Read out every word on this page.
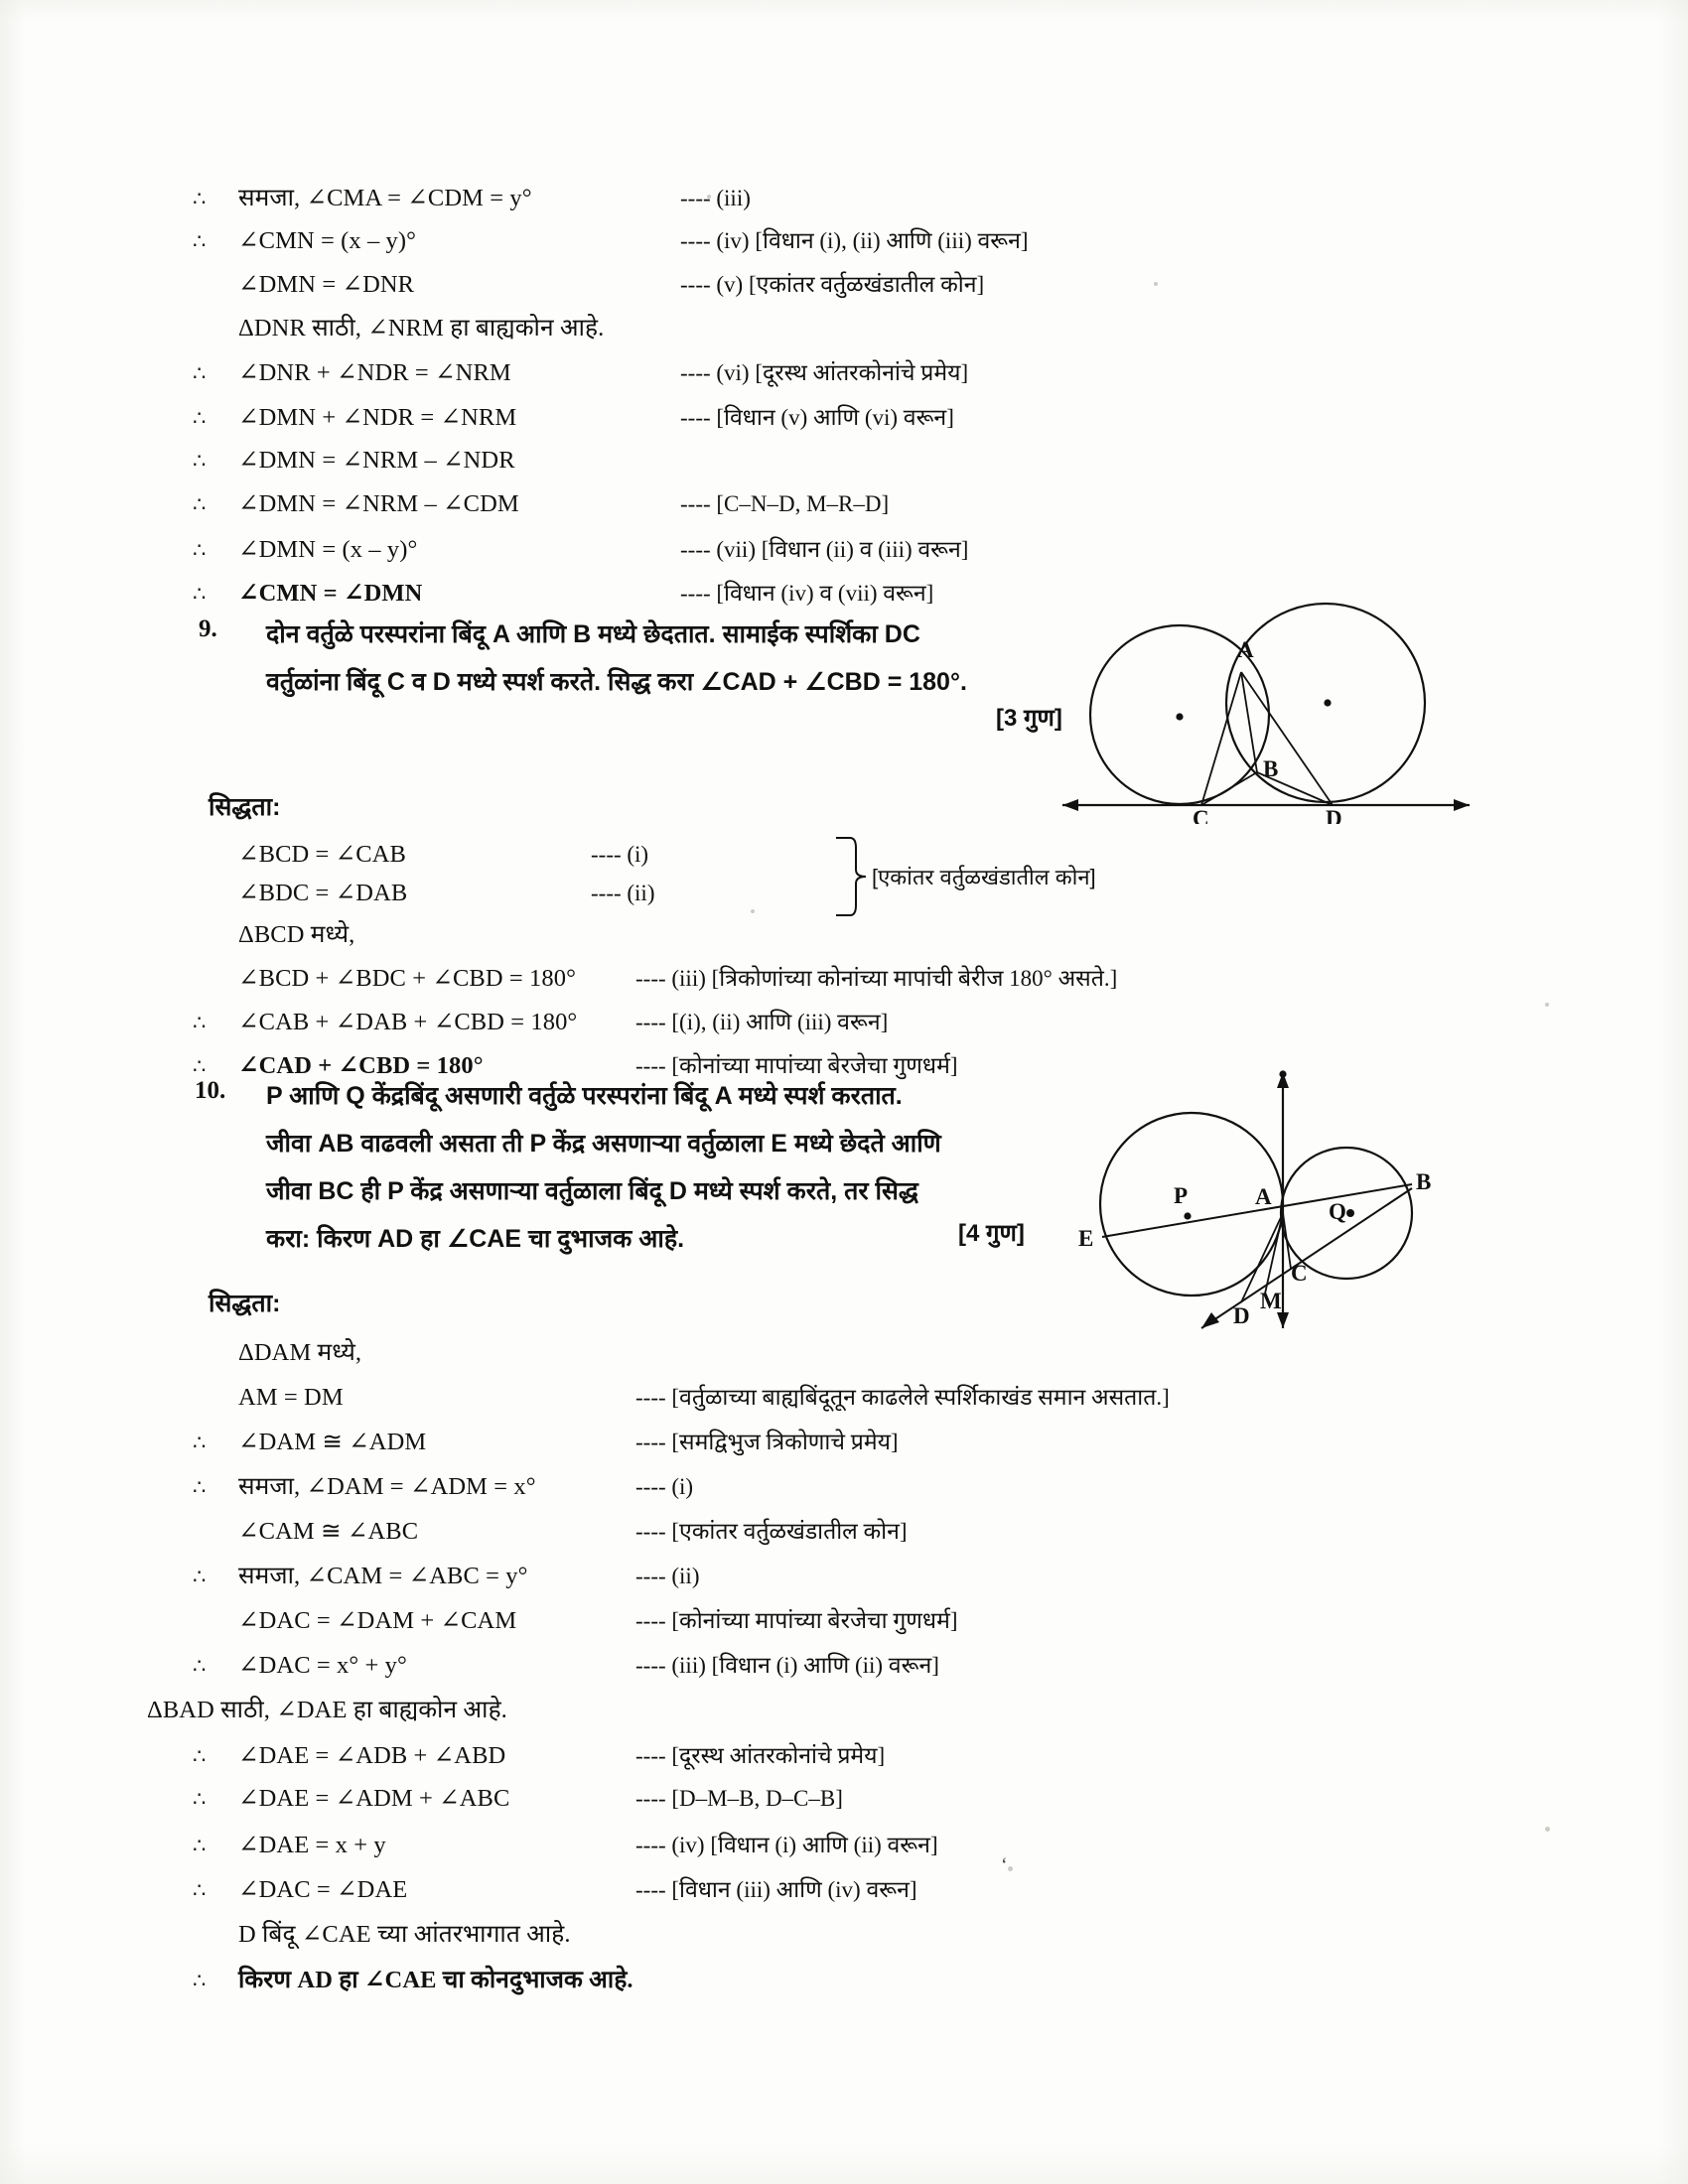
∴	समजा, ∠CMA = ∠CDM = y°	---- (iii)
∴	∠CMN = (x – y)°	---- (iv) [विधान (i), (ii) आणि (iii) वरून]
∠DMN = ∠DNR	---- (v) [एकांतर वर्तुळखंडातील कोन]
ΔDNR साठी, ∠NRM हा बाह्यकोन आहे.
∴	∠DNR + ∠NDR = ∠NRM	---- (vi) [दूरस्थ आंतरकोनांचे प्रमेय]
∴	∠DMN + ∠NDR = ∠NRM	---- [विधान (v) आणि (vi) वरून]
∴	∠DMN = ∠NRM – ∠NDR
∴	∠DMN = ∠NRM – ∠CDM	---- [C–N–D, M–R–D]
∴	∠DMN = (x – y)°	---- (vii) [विधान (ii) व (iii) वरून]
∴	∠CMN = ∠DMN	---- [विधान (iv) व (vii) वरून]
9. दोन वर्तुळे परस्परांना बिंदू A आणि B मध्ये छेदतात. सामाईक स्पर्शिका DC
वर्तुळांना बिंदू C व D मध्ये स्पर्श करते. सिद्ध करा ∠CAD + ∠CBD = 180°.
[3 गुण]
A
B
C	D
सिद्धता:
∠BCD = ∠CAB	---- (i)
∠BDC = ∠DAB	---- (ii)
ΔBCD मध्ये,
∠BCD + ∠BDC + ∠CBD = 180°	---- (iii) [त्रिकोणांच्या कोनांच्या मापांची बेरीज 180° असते.]
∴	∠CAB + ∠DAB + ∠CBD = 180°	---- [(i), (ii) आणि (iii) वरून]
∴	∠CAD + ∠CBD = 180°	---- [कोनांच्या मापांच्या बेरजेचा गुणधर्म]
[एकांतर वर्तुळखंडातील कोन]
10. P आणि Q केंद्रबिंदू असणारी वर्तुळे परस्परांना बिंदू A मध्ये स्पर्श करतात.
जीवा AB वाढवली असता ती P केंद्र असणाऱ्या वर्तुळाला E मध्ये छेदते आणि
जीवा BC ही P केंद्र असणाऱ्या वर्तुळाला बिंदू D मध्ये स्पर्श करते, तर सिद्ध
करा: किरण AD हा ∠CAE चा दुभाजक आहे.	[4 गुण]
P
Q
A
B
C
D
E
M
सिद्धता:
ΔDAM मध्ये,
AM = DM	---- [वर्तुळाच्या बाह्यबिंदूतून काढलेले स्पर्शिकाखंड समान असतात.]
∴	∠DAM ≅ ∠ADM	---- [समद्विभुज त्रिकोणाचे प्रमेय]
∴	समजा, ∠DAM = ∠ADM = x°	---- (i)
∠CAM ≅ ∠ABC	---- [एकांतर वर्तुळखंडातील कोन]
∴	समजा, ∠CAM = ∠ABC = y°	---- (ii)
∠DAC = ∠DAM + ∠CAM	---- [कोनांच्या मापांच्या बेरजेचा गुणधर्म]
∴	∠DAC = x° + y°	---- (iii) [विधान (i) आणि (ii) वरून]
ΔBAD साठी, ∠DAE हा बाह्यकोन आहे.
∴	∠DAE = ∠ADB + ∠ABD	---- [दूरस्थ आंतरकोनांचे प्रमेय]
∴	∠DAE = ∠ADM + ∠ABC	---- [D–M–B, D–C–B]
∴	∠DAE = x + y	---- (iv) [विधान (i) आणि (ii) वरून]
∴	∠DAC = ∠DAE	---- [विधान (iii) आणि (iv) वरून]
D बिंदू ∠CAE च्या आंतरभागात आहे.
∴	किरण AD हा ∠CAE चा कोनदुभाजक आहे.
ʻ
